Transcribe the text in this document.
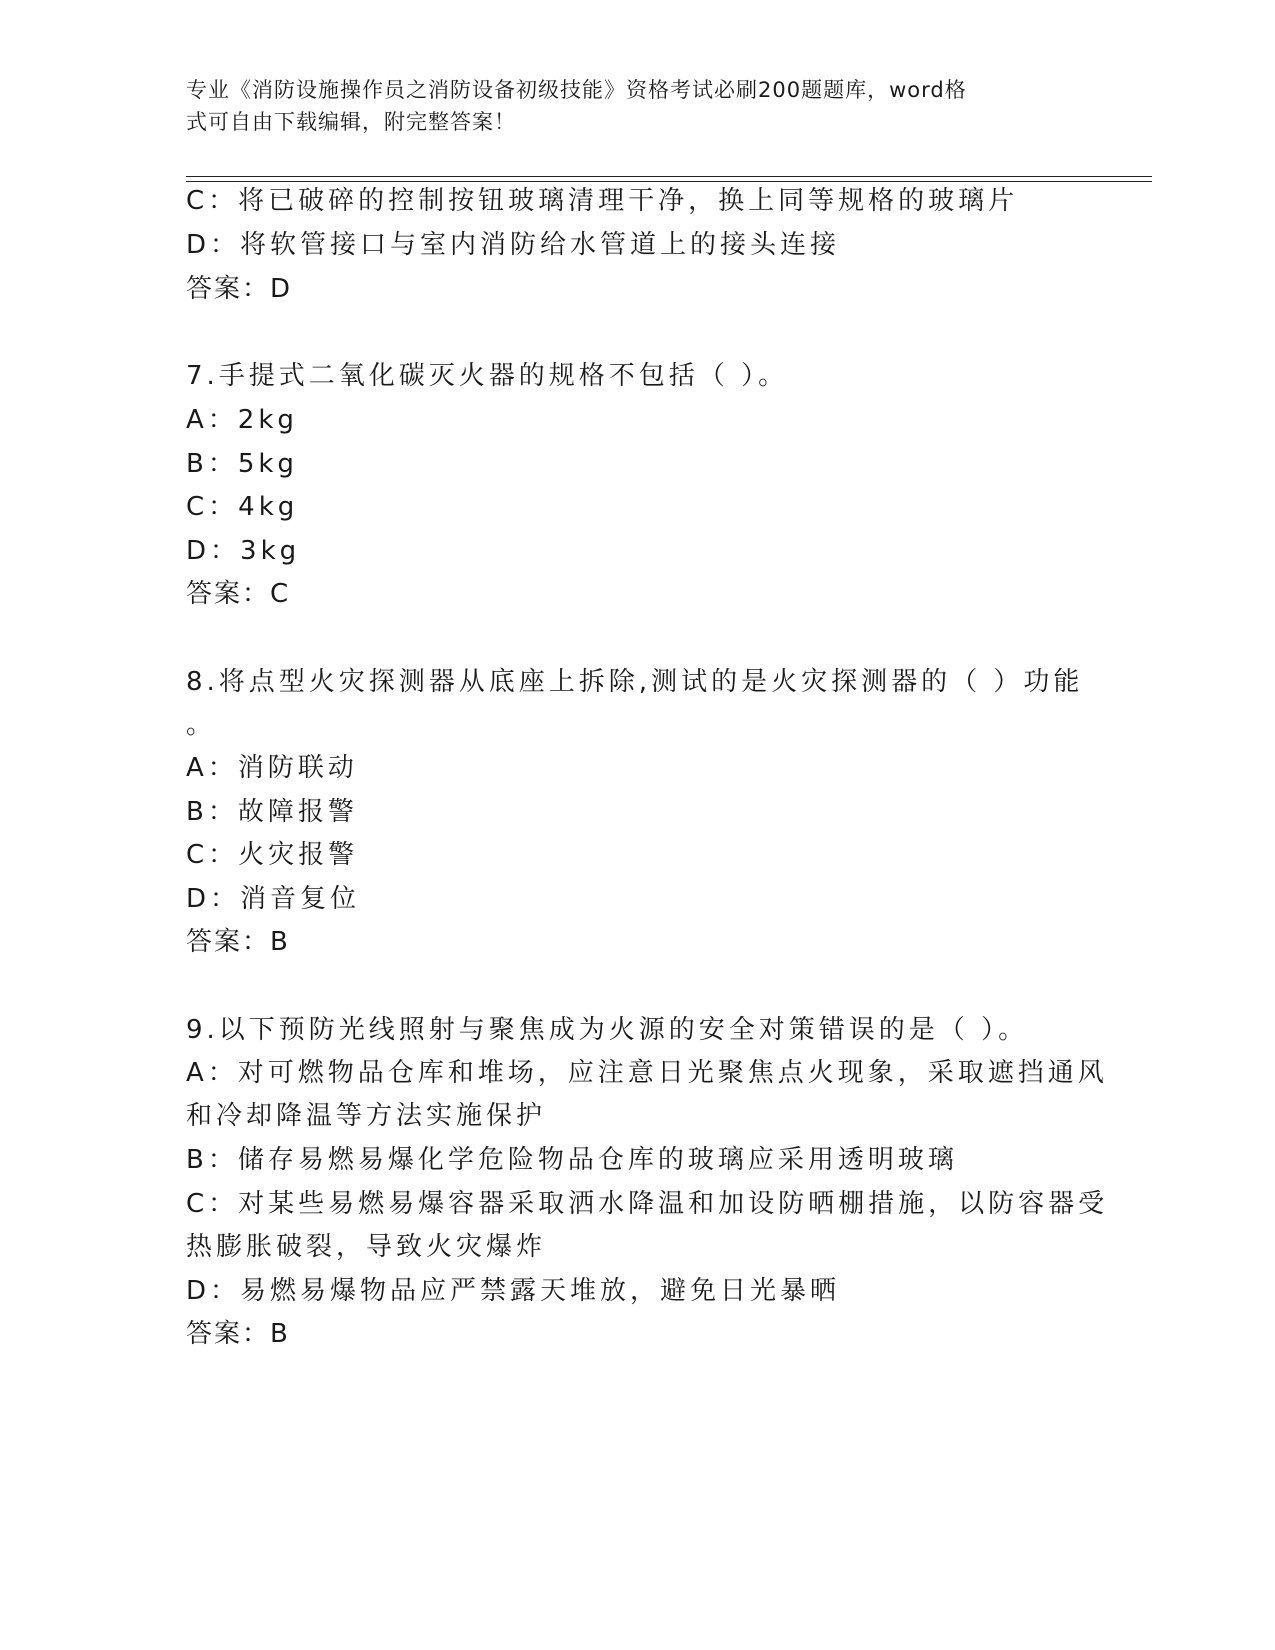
专业《消防设施操作员之消防设备初级技能》资格考试必刷200题题库，word格
式可自由下载编辑，附完整答案！
C：将已破碎的控制按钮玻璃清理干净，换上同等规格的玻璃片
D：将软管接口与室内消防给水管道上的接头连接
答案：D
7.手提式二氧化碳灭火器的规格不包括（ ）。
A：2kg
B：5kg
C：4kg
D：3kg
答案：C
8.将点型火灾探测器从底座上拆除,测试的是火灾探测器的（ ）功能
。
A：消防联动
B：故障报警
C：火灾报警
D：消音复位
答案：B
9.以下预防光线照射与聚焦成为火源的安全对策错误的是（ ）。
A：对可燃物品仓库和堆场，应注意日光聚焦点火现象，采取遮挡通风
和冷却降温等方法实施保护
B：储存易燃易爆化学危险物品仓库的玻璃应采用透明玻璃
C：对某些易燃易爆容器采取洒水降温和加设防晒棚措施，以防容器受
热膨胀破裂，导致火灾爆炸
D：易燃易爆物品应严禁露天堆放，避免日光暴晒
答案：B
